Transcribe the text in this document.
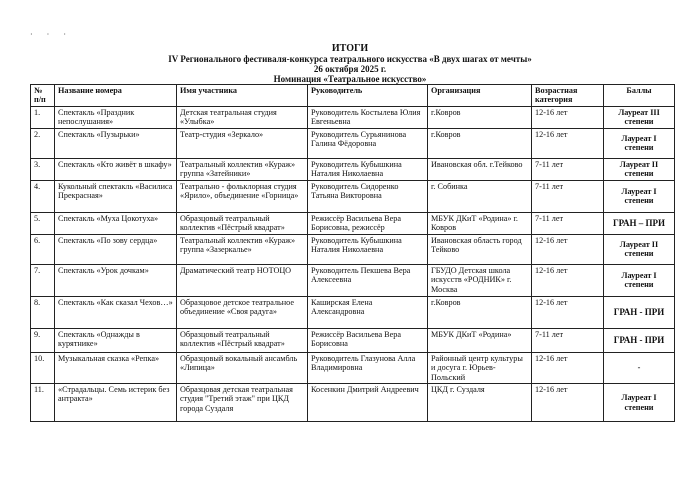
· · ·
ИТОГИ
IV Регионального фестиваля-конкурса театрального искусства «В двух шагах от мечты»
26 октября 2025 г.
Номинация «Театральное искусство»
№ п/п	Название номера	Имя участника	Руководитель	Организация	Возрастная категория	Баллы
1.	Спектакль «Праздник непослушания»	Детская театральная студия «Улыбка»	Руководитель Костылева Юлия Евгеньевна	г.Ковров	12-16 лет	Лауреат III степени
2.	Спектакль «Пузырьки»	Театр-студия «Зеркало»	Руководитель Сурьянинова Галина Фёдоровна	г.Ковров	12-16 лет	Лауреат I степени
3.	Спектакль «Кто живёт в шкафу»	Театральный коллектив «Кураж» группа «Затейники»	Руководитель Кубышкина Наталия Николаевна	Ивановская обл. г.Тейково	7-11 лет	Лауреат II степени
4.	Кукольный спектакль «Василиса Прекрасная»	Театрально - фольклорная студия «Ярило», объединение «Горница»	Руководитель Сидоренко Татьяна Викторовна	г. Собинка	7-11 лет	Лауреат I степени
5.	Спектакль «Муха Цокотуха»	Образцовый театральный коллектив «Пёстрый квадрат»	Режиссёр Васильева Вера Борисовна, режиссёр	МБУК ДКиТ «Родина» г. Ковров	7-11 лет	ГРАН – ПРИ
6.	Спектакль «По зову сердца»	Театральный коллектив «Кураж» группа «Зазеркалье»	Руководитель Кубышкина Наталия Николаевна	Ивановская область город Тейково	12-16 лет	Лауреат II степени
7.	Спектакль «Урок дочкам»	Драматический театр НОТОЦО	Руководитель Пекшева Вера Алексеевна	ГБУДО Детская школа искусств «РОДНИК» г. Москва	12-16 лет	Лауреат I степени
8.	Спектакль «Как сказал Чехов…»	Образцовое детское театральное объединение «Своя радуга»	Каширская Елена Александровна	г.Ковров	12-16 лет	ГРАН - ПРИ
9.	Спектакль «Однажды в курятнике»	Образцовый театральный коллектив «Пёстрый квадрат»	Режиссёр Васильева Вера Борисовна	МБУК ДКиТ «Родина»	7-11 лет	ГРАН - ПРИ
10.	Музыкальная сказка «Репка»	Образцовый вокальный ансамбль «Липица»	Руководитель Глазунова Алла Владимировна	Районный центр культуры и досуга г. Юрьев-Польский	12-16 лет	-
11.	«Страдальцы. Семь истерик без антракта»	Образцовая детская театральная студия "Третий этаж" при ЦКД города Суздаля	Косенкин Дмитрий Андреевич	ЦКД г. Суздаля	12-16 лет	Лауреат I степени
